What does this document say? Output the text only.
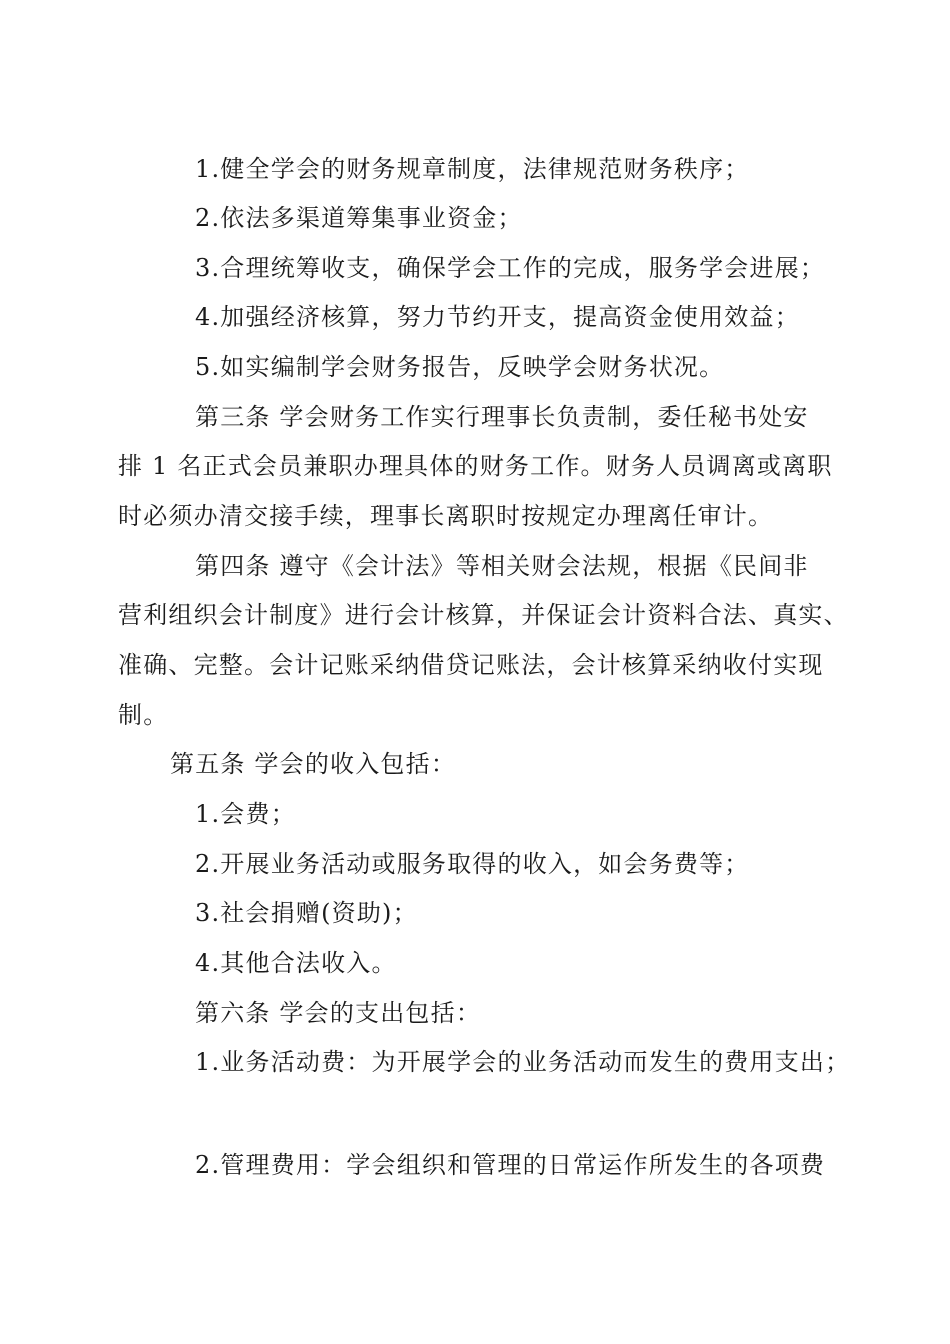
1.健全学会的财务规章制度，法律规范财务秩序；

2.依法多渠道筹集事业资金；

3.合理统筹收支，确保学会工作的完成，服务学会进展；

4.加强经济核算，努力节约开支，提高资金使用效益；

5.如实编制学会财务报告，反映学会财务状况。

第三条 学会财务工作实行理事长负责制，委任秘书处安

排 1 名正式会员兼职办理具体的财务工作。财务人员调离或离职

时必须办清交接手续，理事长离职时按规定办理离任审计。

第四条 遵守《会计法》等相关财会法规，根据《民间非

营利组织会计制度》进行会计核算，并保证会计资料合法、真实、

准确、完整。会计记账采纳借贷记账法，会计核算采纳收付实现

制。

第五条 学会的收入包括：

1.会费；

2.开展业务活动或服务取得的收入，如会务费等；

3.社会捐赠(资助)；

4.其他合法收入。

第六条 学会的支出包括：

1.业务活动费：为开展学会的业务活动而发生的费用支出；

2.管理费用：学会组织和管理的日常运作所发生的各项费
